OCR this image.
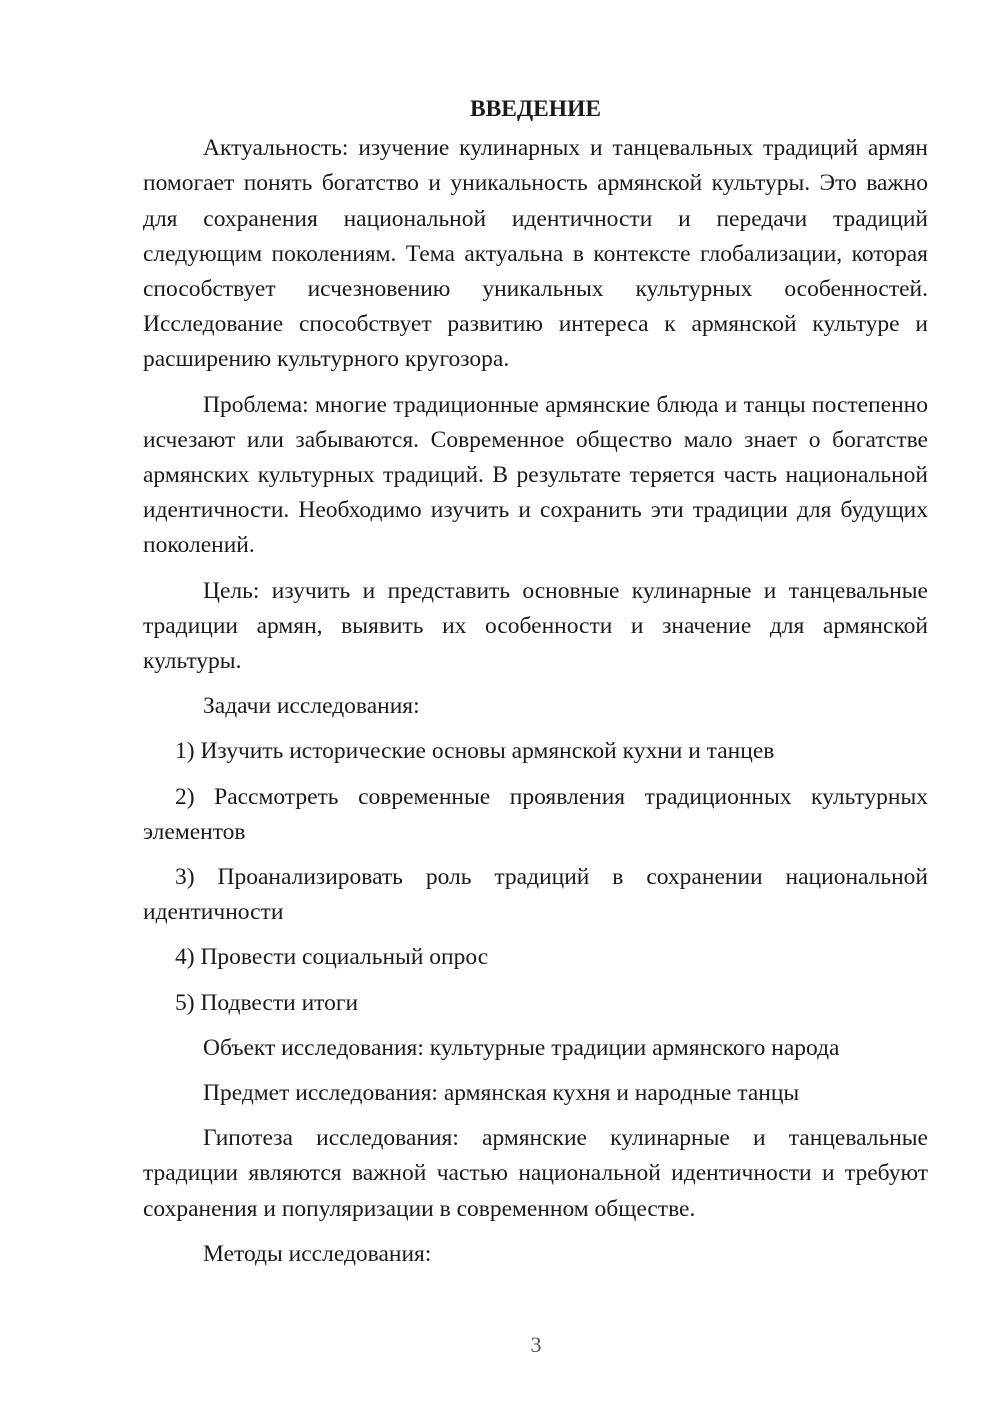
ВВЕДЕНИЕ

Актуальность: изучение кулинарных и танцевальных традиций армян помогает понять богатство и уникальность армянской культуры. Это важно для сохранения национальной идентичности и передачи традиций следующим поколениям. Тема актуальна в контексте глобализации, которая способствует исчезновению уникальных культурных особенностей. Исследование способствует развитию интереса к армянской культуре и расширению культурного кругозора.

Проблема: многие традиционные армянские блюда и танцы постепенно исчезают или забываются. Современное общество мало знает о богатстве армянских культурных традиций. В результате теряется часть национальной идентичности. Необходимо изучить и сохранить эти традиции для будущих поколений.

Цель: изучить и представить основные кулинарные и танцевальные традиции армян, выявить их особенности и значение для армянской культуры.

Задачи исследования:

1) Изучить исторические основы армянской кухни и танцев

2) Рассмотреть современные проявления традиционных культурных элементов

3) Проанализировать роль традиций в сохранении национальной идентичности

4) Провести социальный опрос

5) Подвести итоги

Объект исследования: культурные традиции армянского народа

Предмет исследования: армянская кухня и народные танцы

Гипотеза исследования: армянские кулинарные и танцевальные традиции являются важной частью национальной идентичности и требуют сохранения и популяризации в современном обществе.

Методы исследования:

3
